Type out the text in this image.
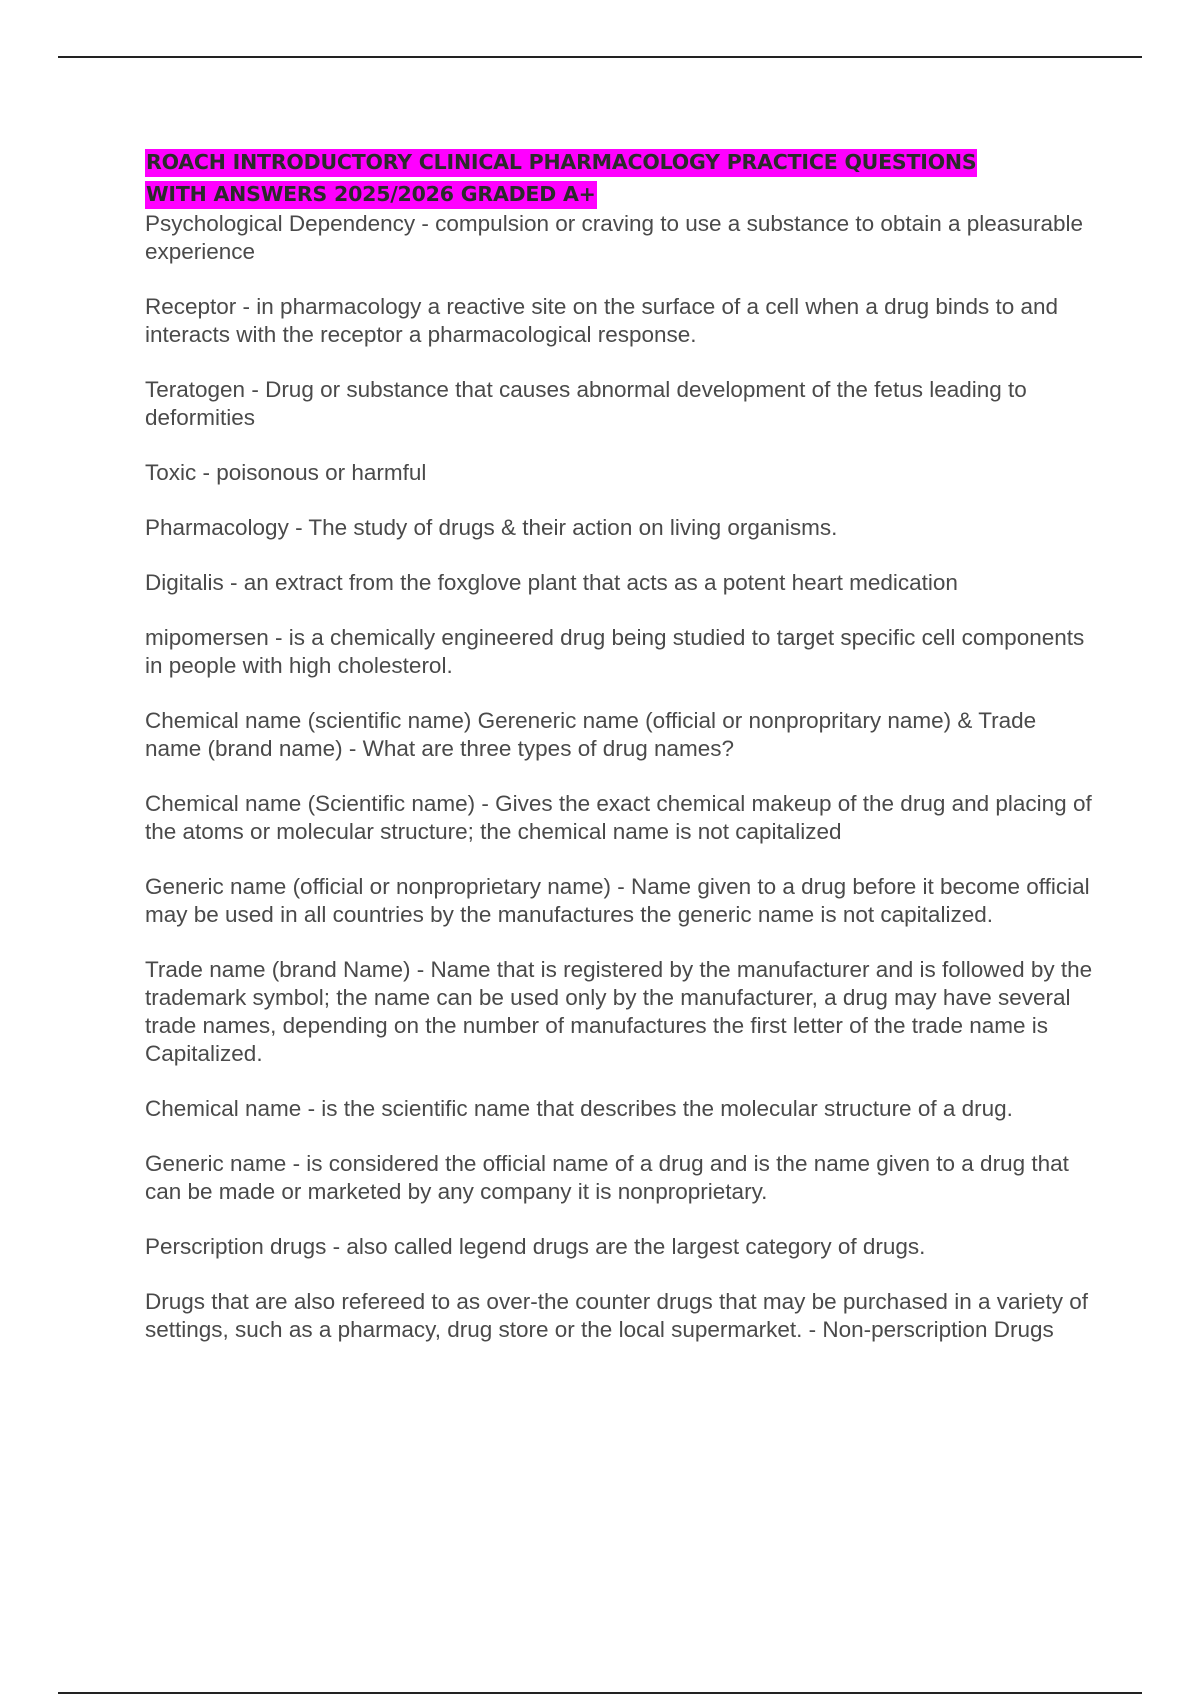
ROACH INTRODUCTORY CLINICAL PHARMACOLOGY PRACTICE QUESTIONS
WITH ANSWERS 2025/2026 GRADED A+

Psychological Dependency - compulsion or craving to use a substance to obtain a pleasurable experience

Receptor - in pharmacology a reactive site on the surface of a cell when a drug binds to and interacts with the receptor a pharmacological response.

Teratogen - Drug or substance that causes abnormal development of the fetus leading to deformities

Toxic - poisonous or harmful

Pharmacology - The study of drugs & their action on living organisms.

Digitalis - an extract from the foxglove plant that acts as a potent heart medication

mipomersen - is a chemically engineered drug being studied to target specific cell components in people with high cholesterol.

Chemical name (scientific name) Gereneric name (official or nonpropritary name) & Trade name (brand name) - What are three types of drug names?

Chemical name (Scientific name) - Gives the exact chemical makeup of the drug and placing of the atoms or molecular structure; the chemical name is not capitalized

Generic name (official or nonproprietary name) - Name given to a drug before it become official may be used in all countries by the manufactures the generic name is not capitalized.

Trade name (brand Name) - Name that is registered by the manufacturer and is followed by the trademark symbol; the name can be used only by the manufacturer, a drug may have several trade names, depending on the number of manufactures the first letter of the trade name is Capitalized.

Chemical name - is the scientific name that describes the molecular structure of a drug.

Generic name - is considered the official name of a drug and is the name given to a drug that can be made or marketed by any company it is nonproprietary.

Perscription drugs - also called legend drugs are the largest category of drugs.

Drugs that are also refereed to as over-the counter drugs that may be purchased in a variety of settings, such as a pharmacy, drug store or the local supermarket. - Non-perscription Drugs
